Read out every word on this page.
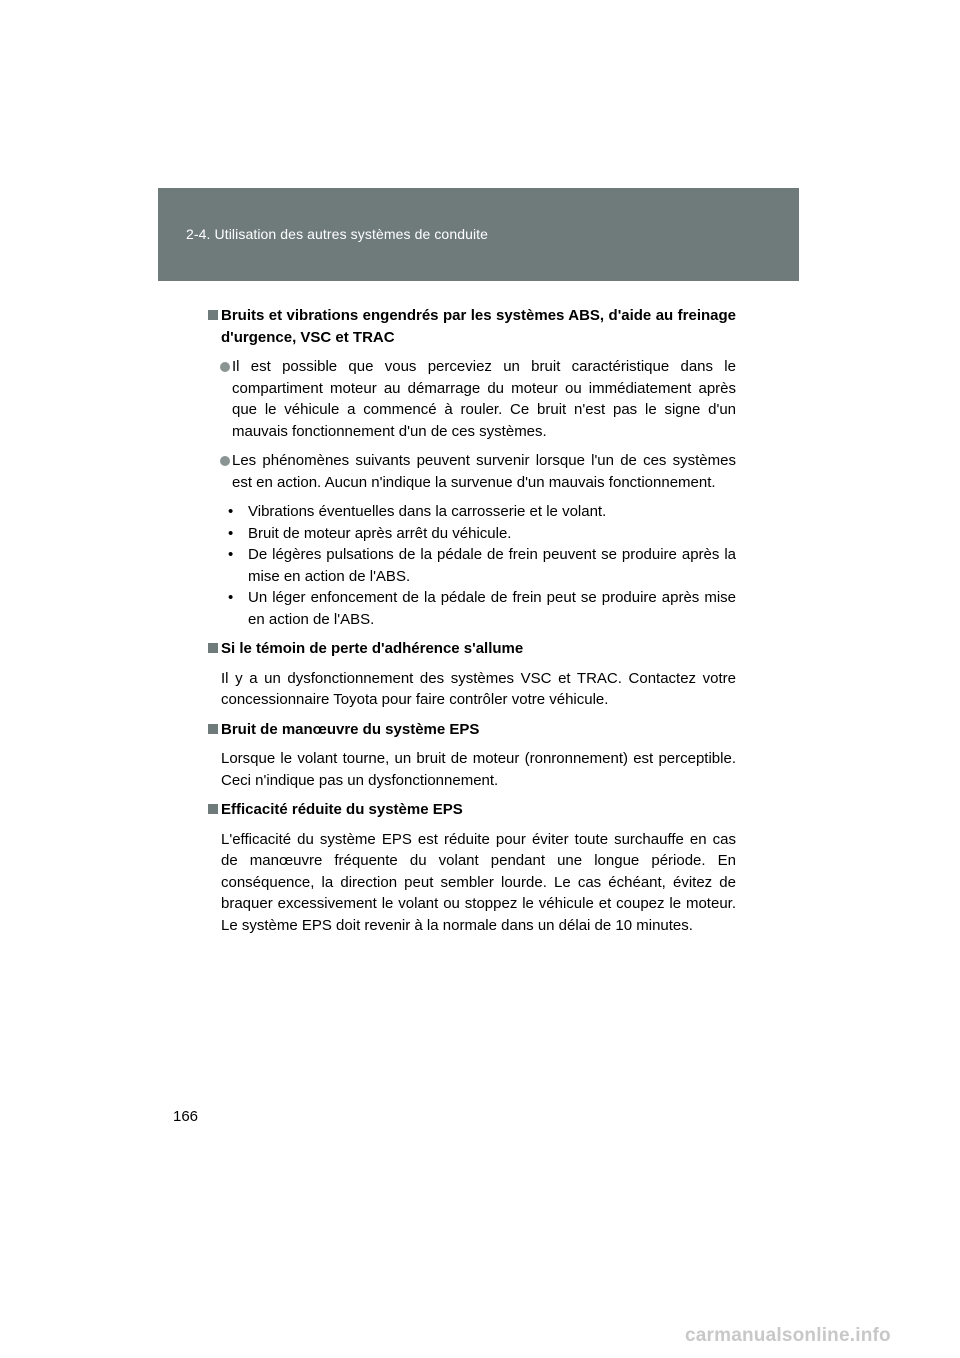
2-4. Utilisation des autres systèmes de conduite
Bruits et vibrations engendrés par les systèmes ABS, d'aide au freinage d'urgence, VSC et TRAC
Il est possible que vous perceviez un bruit caractéristique dans le compartiment moteur au démarrage du moteur ou immédiatement après que le véhicule a commencé à rouler. Ce bruit n'est pas le signe d'un mauvais fonctionnement d'un de ces systèmes.
Les phénomènes suivants peuvent survenir lorsque l'un de ces systèmes est en action. Aucun n'indique la survenue d'un mauvais fonctionnement.
• Vibrations éventuelles dans la carrosserie et le volant.
• Bruit de moteur après arrêt du véhicule.
• De légères pulsations de la pédale de frein peuvent se produire après la mise en action de l'ABS.
• Un léger enfoncement de la pédale de frein peut se produire après mise en action de l'ABS.
Si le témoin de perte d'adhérence s'allume
Il y a un dysfonctionnement des systèmes VSC et TRAC. Contactez votre concessionnaire Toyota pour faire contrôler votre véhicule.
Bruit de manœuvre du système EPS
Lorsque le volant tourne, un bruit de moteur (ronronnement) est perceptible. Ceci n'indique pas un dysfonctionnement.
Efficacité réduite du système EPS
L'efficacité du système EPS est réduite pour éviter toute surchauffe en cas de manœuvre fréquente du volant pendant une longue période. En conséquence, la direction peut sembler lourde. Le cas échéant, évitez de braquer excessivement le volant ou stoppez le véhicule et coupez le moteur. Le système EPS doit revenir à la normale dans un délai de 10 minutes.
166
carmanualsonline.info
